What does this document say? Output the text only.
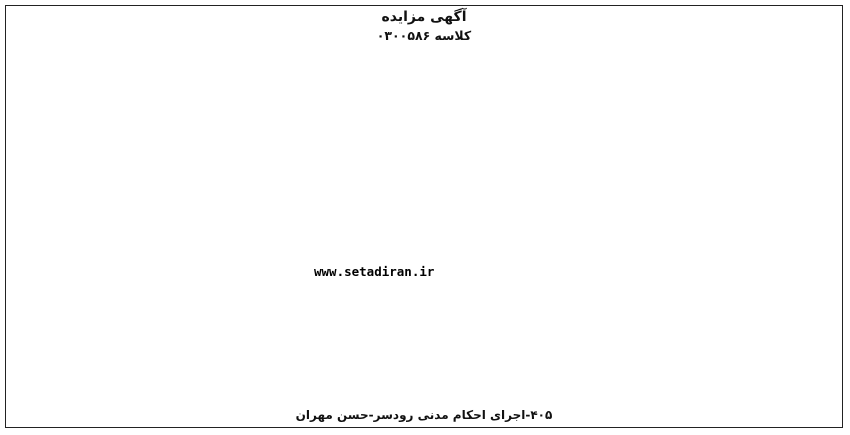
آگهی مزایده
کلاسه ۰۳۰۰۵۸۶
www.setadiran.ir
۴۰۵-اجرای احکام مدنی رودسر-حسن مهران
